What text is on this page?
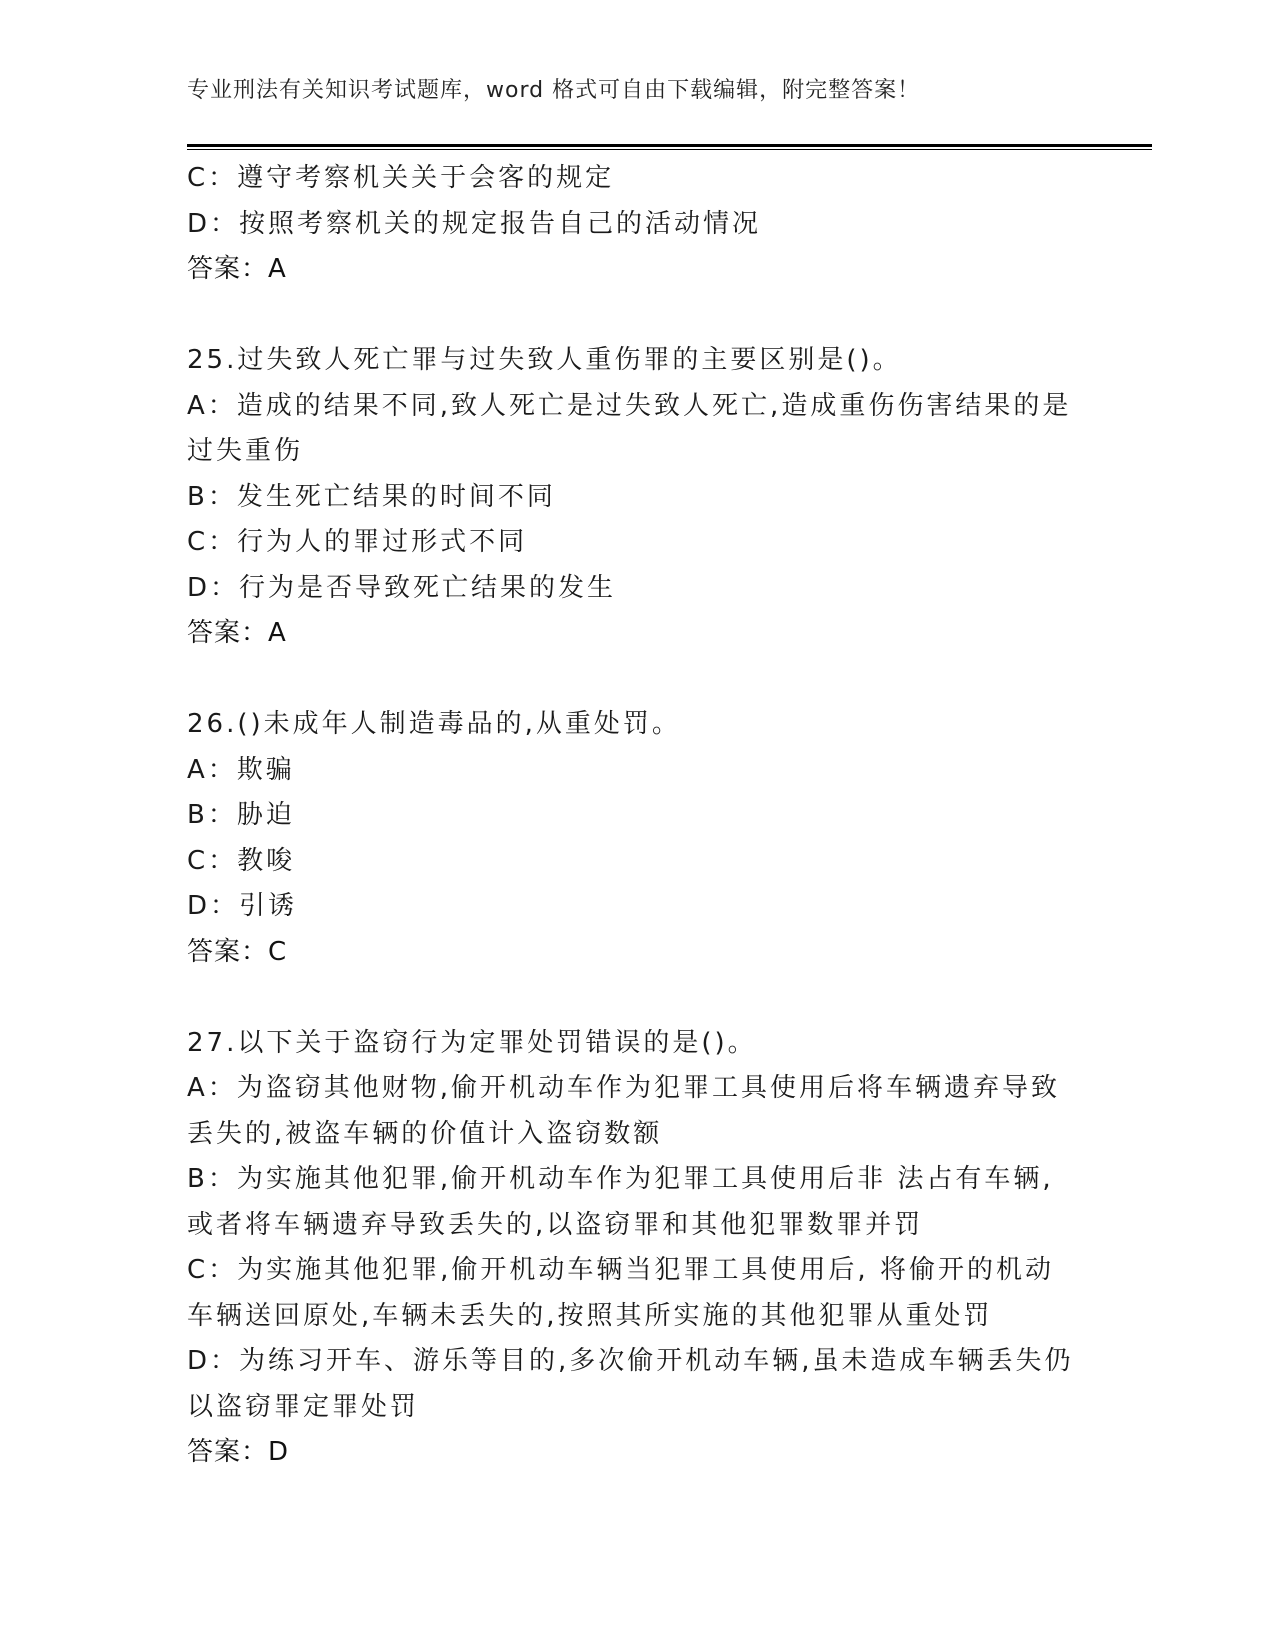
专业刑法有关知识考试题库，word 格式可自由下载编辑，附完整答案！
C：遵守考察机关关于会客的规定
D：按照考察机关的规定报告自己的活动情况
答案：A
25.过失致人死亡罪与过失致人重伤罪的主要区别是()。
A：造成的结果不同,致人死亡是过失致人死亡,造成重伤伤害结果的是
过失重伤
B：发生死亡结果的时间不同
C：行为人的罪过形式不同
D：行为是否导致死亡结果的发生
答案：A
26.()未成年人制造毒品的,从重处罚。
A：欺骗
B：胁迫
C：教唆
D：引诱
答案：C
27.以下关于盗窃行为定罪处罚错误的是()。
A：为盗窃其他财物,偷开机动车作为犯罪工具使用后将车辆遗弃导致
丢失的,被盗车辆的价值计入盗窃数额
B：为实施其他犯罪,偷开机动车作为犯罪工具使用后非 法占有车辆,
或者将车辆遗弃导致丢失的,以盗窃罪和其他犯罪数罪并罚
C：为实施其他犯罪,偷开机动车辆当犯罪工具使用后, 将偷开的机动
车辆送回原处,车辆未丢失的,按照其所实施的其他犯罪从重处罚
D：为练习开车、游乐等目的,多次偷开机动车辆,虽未造成车辆丢失仍
以盗窃罪定罪处罚
答案：D
